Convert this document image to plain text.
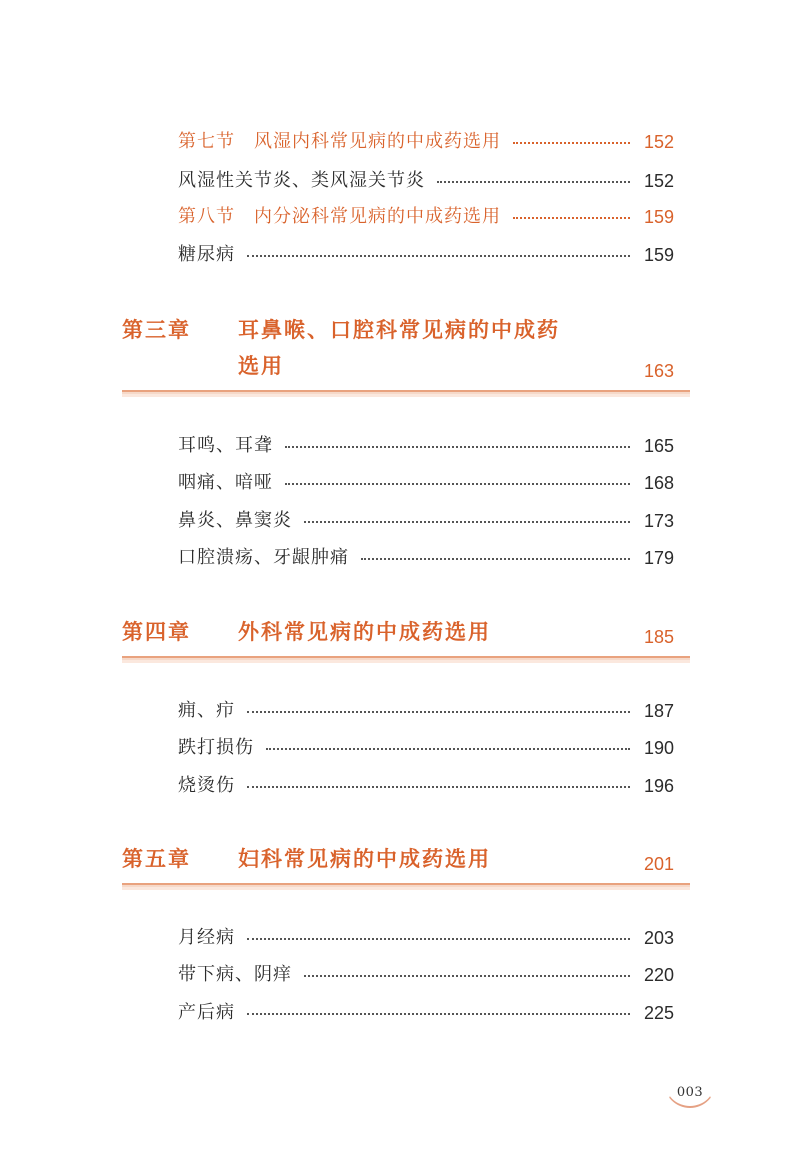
第七节　风湿内科常见病的中成药选用	152
风湿性关节炎、类风湿关节炎	152
第八节　内分泌科常见病的中成药选用	159
糖尿病	159
第三章 耳鼻喉、口腔科常见病的中成药
选用	163
耳鸣、耳聋	165
咽痛、喑哑	168
鼻炎、鼻窦炎	173
口腔溃疡、牙龈肿痛	179
第四章 外科常见病的中成药选用	185
痈、疖	187
跌打损伤	190
烧烫伤	196
第五章 妇科常见病的中成药选用	201
月经病	203
带下病、阴痒	220
产后病	225
003
